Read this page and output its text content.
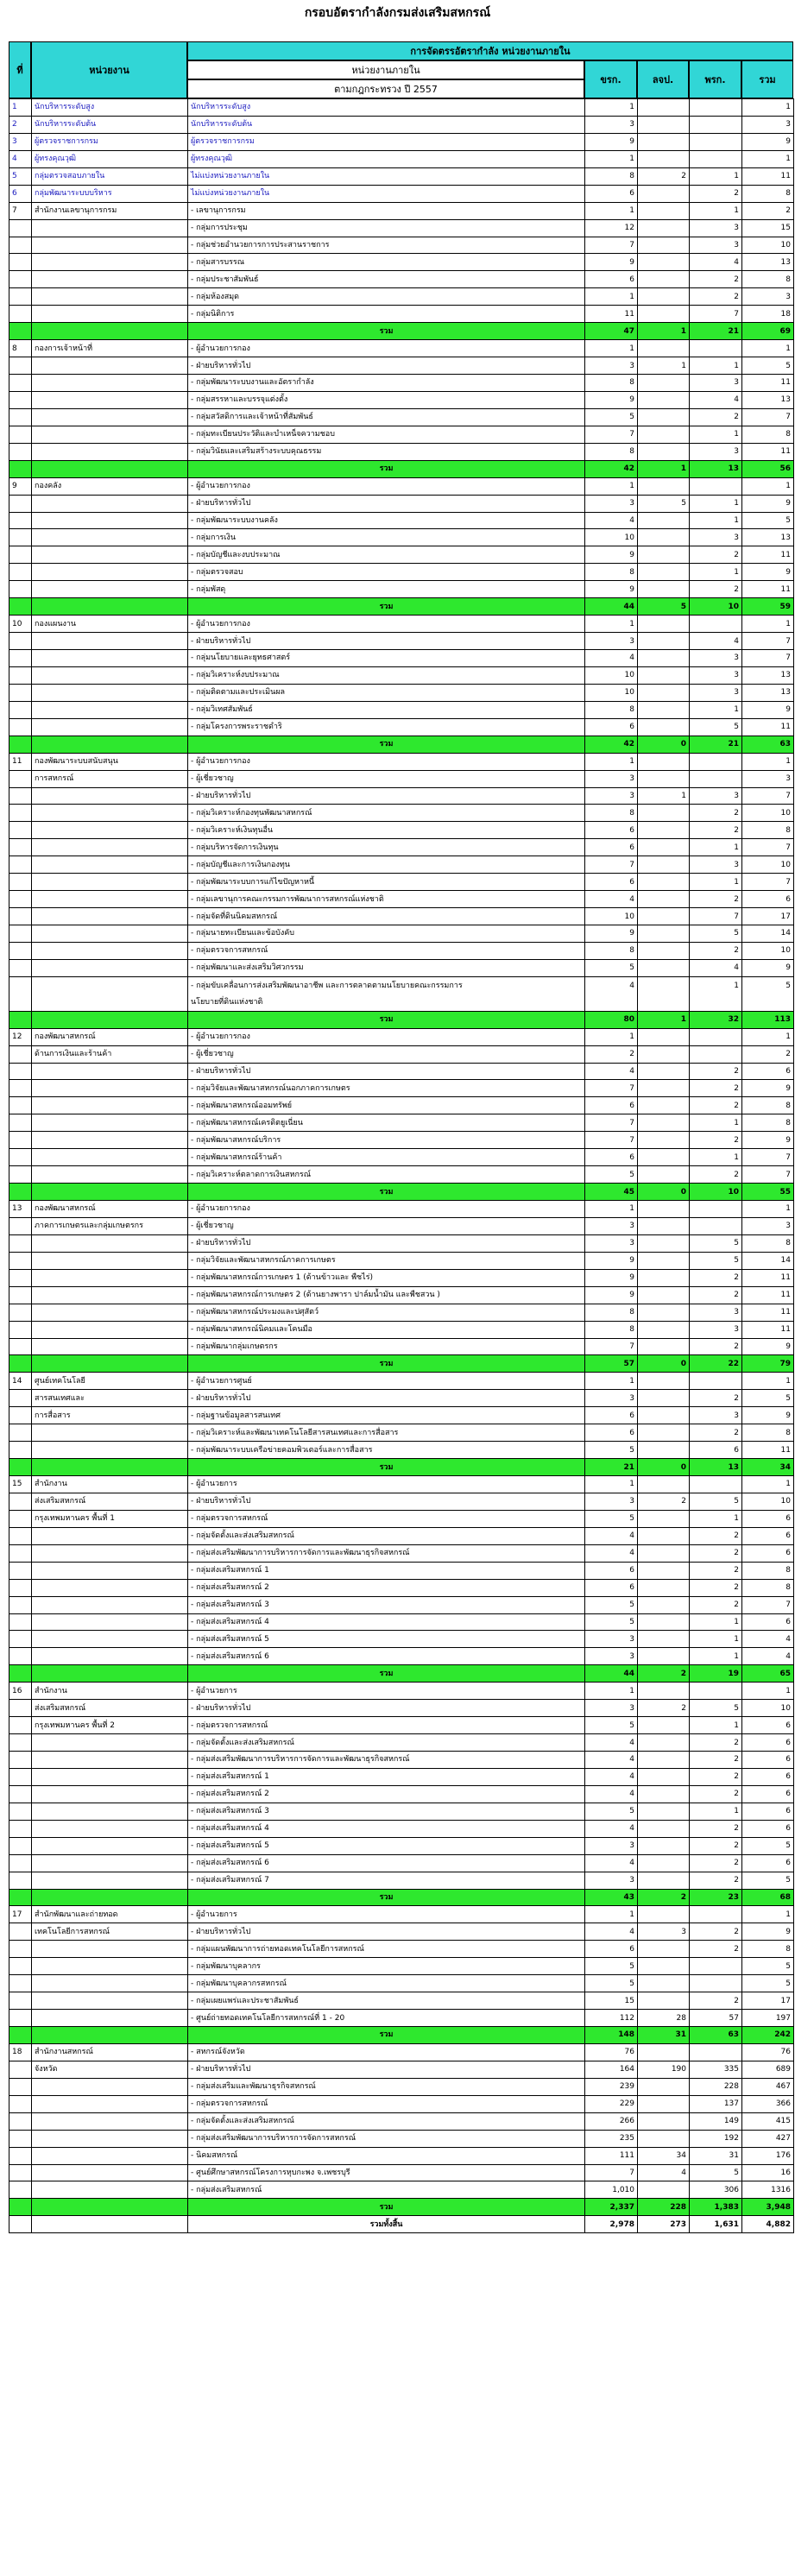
กรอบอัตรากำลังกรมส่งเสริมสหกรณ์
ที่	หน่วยงาน
การจัดตรรอัตรากำลัง หน่วยงานภายใน
หน่วยงานภายใน
ตามกฎกระทรวง ปี 2557
ขรก.	ลจป.	พรก.	รวม
1	นักบริหารระดับสูง	นักบริหารระดับสูง	1			1
2	นักบริหารระดับต้น	นักบริหารระดับต้น	3			3
3	ผู้ตรวจราชการกรม	ผู้ตรวจราชการกรม	9			9
4	ผู้ทรงคุณวุฒิ	ผู้ทรงคุณวุฒิ	1			1
5	กลุ่มตรวจสอบภายใน	ไม่แบ่งหน่วยงานภายใน	8	2	1	11
6	กลุ่มพัฒนาระบบบริหาร	ไม่แบ่งหน่วยงานภายใน	6		2	8
7	สำนักงานเลขานุการกรม	- เลขานุการกรม	1		1	2
		- กลุ่มการประชุม	12		3	15
		- กลุ่มช่วยอำนวยการการประสานราชการ	7		3	10
		- กลุ่มสารบรรณ	9		4	13
		- กลุ่มประชาสัมพันธ์	6		2	8
		- กลุ่มห้องสมุด	1		2	3
		- กลุ่มนิติการ	11		7	18
		รวม	47	1	21	69
8	กองการเจ้าหน้าที่	- ผู้อำนวยการกอง	1			1
		- ฝ่ายบริหารทั่วไป	3	1	1	5
		- กลุ่มพัฒนาระบบงานและอัตรากำลัง	8		3	11
		- กลุ่มสรรหาและบรรจุแต่งตั้ง	9		4	13
		- กลุ่มสวัสดิการและเจ้าหน้าที่สัมพันธ์	5		2	7
		- กลุ่มทะเบียนประวัติและบำเหน็จความชอบ	7		1	8
		- กลุ่มวินัยและเสริมสร้างระบบคุณธรรม	8		3	11
		รวม	42	1	13	56
9	กองคลัง	- ผู้อำนวยการกอง	1			1
		- ฝ่ายบริหารทั่วไป	3	5	1	9
		- กลุ่มพัฒนาระบบงานคลัง	4		1	5
		- กลุ่มการเงิน	10		3	13
		- กลุ่มบัญชีและงบประมาณ	9		2	11
		- กลุ่มตรวจสอบ	8		1	9
		- กลุ่มพัสดุ	9		2	11
		รวม	44	5	10	59
10	กองแผนงาน	- ผู้อำนวยการกอง	1			1
		- ฝ่ายบริหารทั่วไป	3		4	7
		- กลุ่มนโยบายและยุทธศาสตร์	4		3	7
		- กลุ่มวิเคราะห์งบประมาณ	10		3	13
		- กลุ่มติดตามและประเมินผล	10		3	13
		- กลุ่มวิเทศสัมพันธ์	8		1	9
		- กลุ่มโครงการพระราชดำริ	6		5	11
		รวม	42	0	21	63
11	กองพัฒนาระบบสนับสนุน	- ผู้อำนวยการกอง	1			1
	การสหกรณ์	- ผู้เชี่ยวชาญ	3			3
		- ฝ่ายบริหารทั่วไป	3	1	3	7
		- กลุ่มวิเคราะห์กองทุนพัฒนาสหกรณ์	8		2	10
		- กลุ่มวิเคราะห์เงินทุนอื่น	6		2	8
		- กลุ่มบริหารจัดการเงินทุน	6		1	7
		- กลุ่มบัญชีและการเงินกองทุน	7		3	10
		- กลุ่มพัฒนาระบบการแก้ไขปัญหาหนี้	6		1	7
		- กลุ่มเลขานุการคณะกรรมการพัฒนาการสหกรณ์แห่งชาติ	4		2	6
		- กลุ่มจัดที่ดินนิคมสหกรณ์	10		7	17
		- กลุ่มนายทะเบียนและข้อบังคับ	9		5	14
		- กลุ่มตรวจการสหกรณ์	8		2	10
		- กลุ่มพัฒนาและส่งเสริมวิศวกรรม	5		4	9
		- กลุ่มขับเคลื่อนการส่งเสริมพัฒนาอาชีพ และการตลาดตามนโยบายคณะกรรมการ	4		1	5
		นโยบายที่ดินแห่งชาติ				
		รวม	80	1	32	113
12	กองพัฒนาสหกรณ์	- ผู้อำนวยการกอง	1			1
	ด้านการเงินและร้านค้า	- ผู้เชี่ยวชาญ	2			2
		- ฝ่ายบริหารทั่วไป	4		2	6
		- กลุ่มวิจัยและพัฒนาสหกรณ์นอกภาคการเกษตร	7		2	9
		- กลุ่มพัฒนาสหกรณ์ออมทรัพย์	6		2	8
		- กลุ่มพัฒนาสหกรณ์เครดิตยูเนี่ยน	7		1	8
		- กลุ่มพัฒนาสหกรณ์บริการ	7		2	9
		- กลุ่มพัฒนาสหกรณ์ร้านค้า	6		1	7
		- กลุ่มวิเคราะห์ตลาดการเงินสหกรณ์	5		2	7
		รวม	45	0	10	55
13	กองพัฒนาสหกรณ์	- ผู้อำนวยการกอง	1			1
	ภาคการเกษตรและกลุ่มเกษตรกร	- ผู้เชี่ยวชาญ	3			3
		- ฝ่ายบริหารทั่วไป	3		5	8
		- กลุ่มวิจัยและพัฒนาสหกรณ์ภาคการเกษตร	9		5	14
		- กลุ่มพัฒนาสหกรณ์การเกษตร 1 (ด้านข้าวและ พืชไร่)	9		2	11
		- กลุ่มพัฒนาสหกรณ์การเกษตร 2 (ด้านยางพารา ปาล์มน้ำมัน และพืชสวน )	9		2	11
		- กลุ่มพัฒนาสหกรณ์ประมงและปศุสัตว์	8		3	11
		- กลุ่มพัฒนาสหกรณ์นิคมและโคนมือ	8		3	11
		- กลุ่มพัฒนากลุ่มเกษตรกร	7		2	9
		รวม	57	0	22	79
14	ศูนย์เทคโนโลยี	- ผู้อำนวยการศูนย์	1			1
	สารสนเทศและ	- ฝ่ายบริหารทั่วไป	3		2	5
	การสื่อสาร	- กลุ่มฐานข้อมูลสารสนเทศ	6		3	9
		- กลุ่มวิเคราะห์และพัฒนาเทคโนโลยีสารสนเทศและการสื่อสาร	6		2	8
		- กลุ่มพัฒนาระบบเครือข่ายคอมพิวเตอร์และการสื่อสาร	5		6	11
		รวม	21	0	13	34
15	สำนักงาน	- ผู้อำนวยการ	1			1
	ส่งเสริมสหกรณ์	- ฝ่ายบริหารทั่วไป	3	2	5	10
	กรุงเทพมหานคร พื้นที่ 1	- กลุ่มตรวจการสหกรณ์	5		1	6
		- กลุ่มจัดตั้งและส่งเสริมสหกรณ์	4		2	6
		- กลุ่มส่งเสริมพัฒนาการบริหารการจัดการและพัฒนาธุรกิจสหกรณ์	4		2	6
		- กลุ่มส่งเสริมสหกรณ์ 1	6		2	8
		- กลุ่มส่งเสริมสหกรณ์ 2	6		2	8
		- กลุ่มส่งเสริมสหกรณ์ 3	5		2	7
		- กลุ่มส่งเสริมสหกรณ์ 4	5		1	6
		- กลุ่มส่งเสริมสหกรณ์ 5	3		1	4
		- กลุ่มส่งเสริมสหกรณ์ 6	3		1	4
		รวม	44	2	19	65
16	สำนักงาน	- ผู้อำนวยการ	1			1
	ส่งเสริมสหกรณ์	- ฝ่ายบริหารทั่วไป	3	2	5	10
	กรุงเทพมหานคร พื้นที่ 2	- กลุ่มตรวจการสหกรณ์	5		1	6
		- กลุ่มจัดตั้งและส่งเสริมสหกรณ์	4		2	6
		- กลุ่มส่งเสริมพัฒนาการบริหารการจัดการและพัฒนาธุรกิจสหกรณ์	4		2	6
		- กลุ่มส่งเสริมสหกรณ์ 1	4		2	6
		- กลุ่มส่งเสริมสหกรณ์ 2	4		2	6
		- กลุ่มส่งเสริมสหกรณ์ 3	5		1	6
		- กลุ่มส่งเสริมสหกรณ์ 4	4		2	6
		- กลุ่มส่งเสริมสหกรณ์ 5	3		2	5
		- กลุ่มส่งเสริมสหกรณ์ 6	4		2	6
		- กลุ่มส่งเสริมสหกรณ์ 7	3		2	5
		รวม	43	2	23	68
17	สำนักพัฒนาและถ่ายทอด	- ผู้อำนวยการ	1			1
	เทคโนโลยีการสหกรณ์	- ฝ่ายบริหารทั่วไป	4	3	2	9
		- กลุ่มแผนพัฒนาการถ่ายทอดเทคโนโลยีการสหกรณ์	6		2	8
		- กลุ่มพัฒนาบุคลากร	5			5
		- กลุ่มพัฒนาบุคลากรสหกรณ์	5			5
		- กลุ่มเผยแพร่และประชาสัมพันธ์	15		2	17
		- ศูนย์ถ่ายทอดเทคโนโลยีการสหกรณ์ที่ 1 - 20	112	28	57	197
		รวม	148	31	63	242
18	สำนักงานสหกรณ์	- สหกรณ์จังหวัด	76			76
	จังหวัด	- ฝ่ายบริหารทั่วไป	164	190	335	689
		- กลุ่มส่งเสริมและพัฒนาธุรกิจสหกรณ์	239		228	467
		- กลุ่มตรวจการสหกรณ์	229		137	366
		- กลุ่มจัดตั้งและส่งเสริมสหกรณ์	266		149	415
		- กลุ่มส่งเสริมพัฒนาการบริหารการจัดการสหกรณ์	235		192	427
		- นิคมสหกรณ์	111	34	31	176
		- ศูนย์ศึกษาสหกรณ์โครงการหุบกะพง จ.เพชรบุรี	7	4	5	16
		- กลุ่มส่งเสริมสหกรณ์	1,010		306	1316
		รวม	2,337	228	1,383	3,948
		รวมทั้งสิ้น	2,978	273	1,631	4,882
